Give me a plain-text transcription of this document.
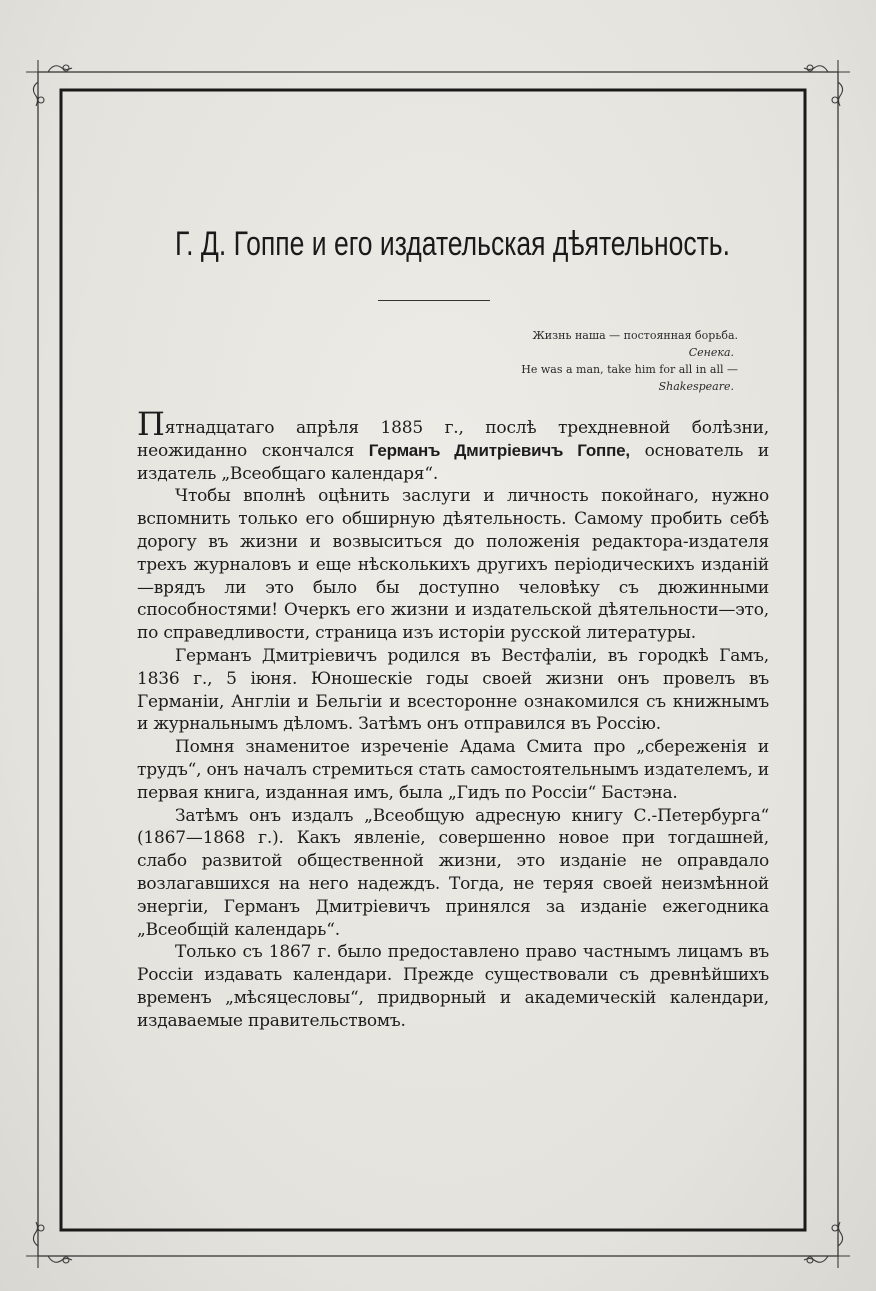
Г. Д. Гоппе и его издательская дѣятельность.
Жизнь наша — постоянная борьба.
Сенека.
He was a man, take him for all in all —
Shakespeare.

Пятнадцатаго апрѣля 1885 г., послѣ трехдневной болѣзни, неожиданно скончался Германъ Дмитріевичъ Гоппе, основатель и издатель „Всеобщаго календаря“.

Чтобы вполнѣ оцѣнить заслуги и личность покойнаго, нужно вспомнить только его обширную дѣятельность. Самому пробить себѣ дорогу въ жизни и возвыситься до положенія редактора-издателя трехъ журналовъ и еще нѣсколькихъ другихъ періодическихъ изданій—врядъ ли это было бы доступно человѣку съ дюжинными способностями! Очеркъ его жизни и издательской дѣятельности—это, по справедливости, страница изъ исторіи русской литературы.

Германъ Дмитріевичъ родился въ Вестфаліи, въ городкѣ Гамъ, 1836 г., 5 іюня. Юношескіе годы своей жизни онъ провелъ въ Германіи, Англіи и Бельгіи и всесторонне ознакомился съ книжнымъ и журнальнымъ дѣломъ. Затѣмъ онъ отправился въ Россію.

Помня знаменитое изреченіе Адама Смита про „сбереженія и трудъ“, онъ началъ стремиться стать самостоятельнымъ издателемъ, и первая книга, изданная имъ, была „Гидъ по Россіи“ Бастэна.

Затѣмъ онъ издалъ „Всеобщую адресную книгу С.-Петербурга“ (1867—1868 г.). Какъ явленіе, совершенно новое при тогдашней, слабо развитой общественной жизни, это изданіе не оправдало возлагавшихся на него надеждъ. Тогда, не теряя своей неизмѣнной энергіи, Германъ Дмитріевичъ принялся за изданіе ежегодника „Всеобщій календарь“.

Только съ 1867 г. было предоставлено право частнымъ лицамъ въ Россіи издавать календари. Прежде существовали съ древнѣйшихъ временъ „мѣсяцесловы“, придворный и академическій календари, издаваемые правительствомъ.
